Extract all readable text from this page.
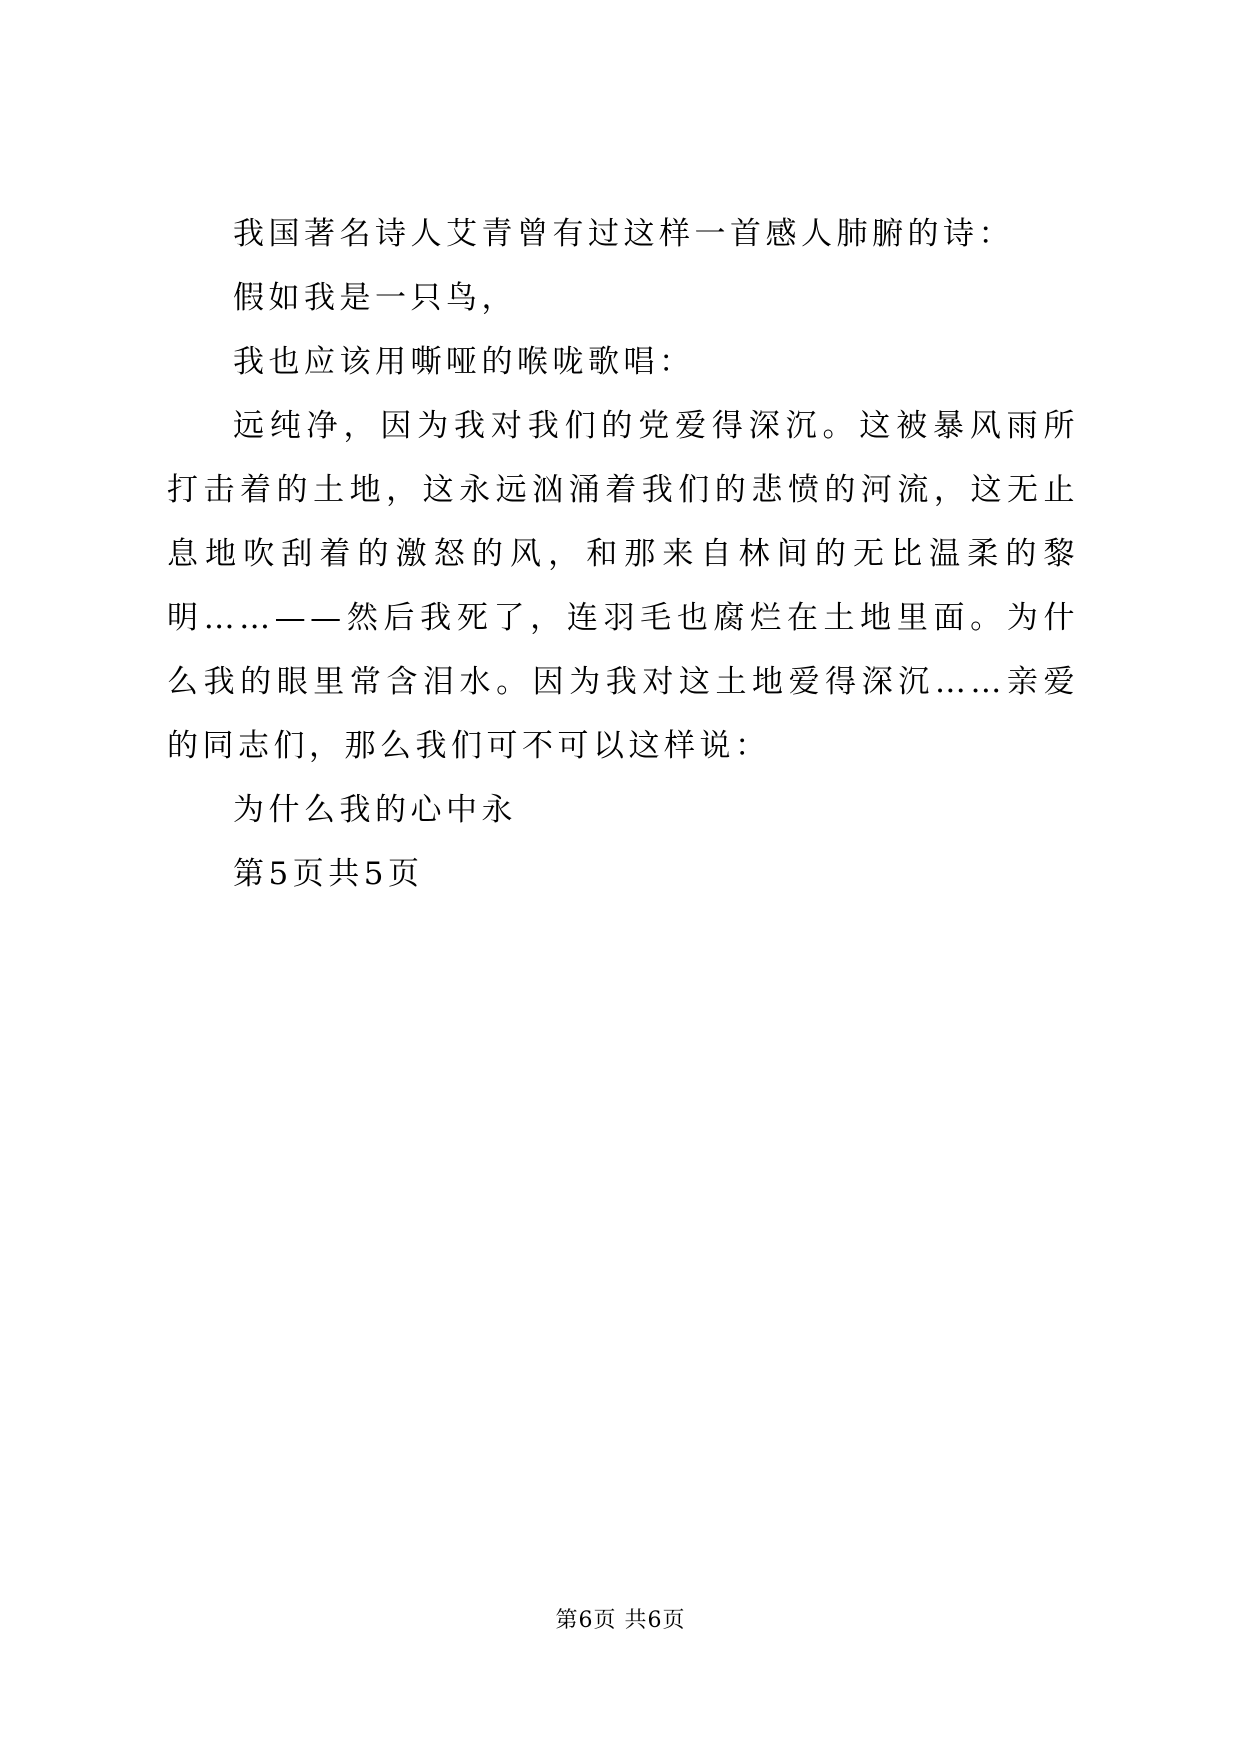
我国著名诗人艾青曾有过这样一首感人肺腑的诗：

假如我是一只鸟，

我也应该用嘶哑的喉咙歌唱：

远纯净，因为我对我们的党爱得深沉。这被暴风雨所打击着的土地，这永远汹涌着我们的悲愤的河流，这无止息地吹刮着的激怒的风，和那来自林间的无比温柔的黎明……——然后我死了，连羽毛也腐烂在土地里面。为什么我的眼里常含泪水。因为我对这土地爱得深沉……亲爱的同志们，那么我们可不可以这样说：

为什么我的心中永

第5页共5页

第6页 共6页
